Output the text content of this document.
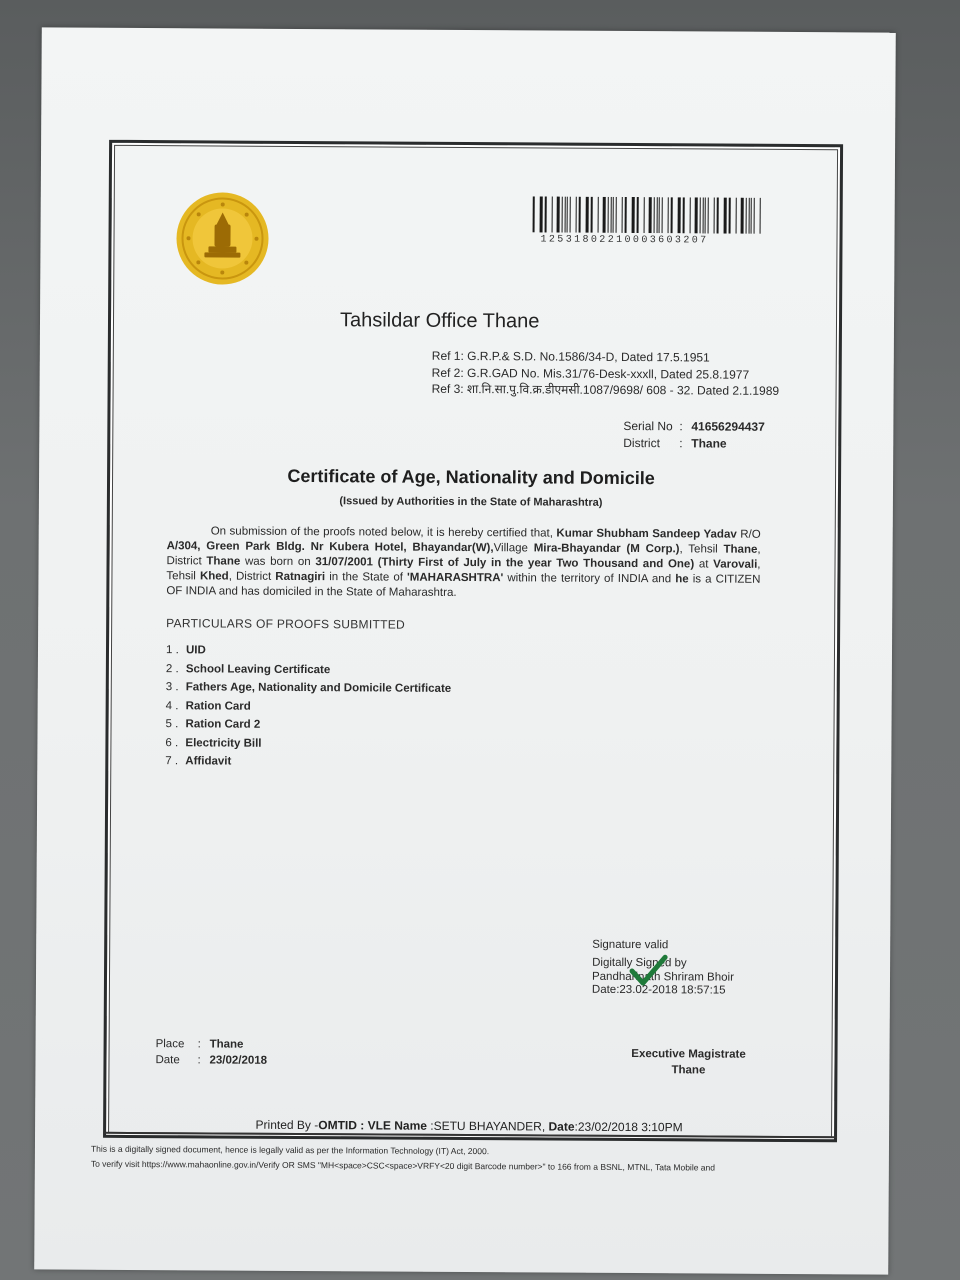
12531802210003603207
Tahsildar Office Thane
Ref 1: G.R.P.& S.D. No.1586/34-D, Dated 17.5.1951
Ref 2: G.R.GAD No. Mis.31/76-Desk-xxxll, Dated 25.8.1977
Ref 3: शा.नि.सा.पु.वि.क्र.डीएमसी.1087/9698/ 608 - 32. Dated 2.1.1989
Serial No : 41656294437
District : Thane
Certificate of Age, Nationality and Domicile
(Issued by Authorities in the State of Maharashtra)
On submission of the proofs noted below, it is hereby certified that, Kumar Shubham Sandeep Yadav R/O A/304, Green Park Bldg. Nr Kubera Hotel, Bhayandar(W),Village Mira-Bhayandar (M Corp.), Tehsil Thane, District Thane was born on 31/07/2001 (Thirty First of July in the year Two Thousand and One) at Varovali, Tehsil Khed, District Ratnagiri in the State of 'MAHARASHTRA' within the territory of INDIA and he is a CITIZEN OF INDIA and has domiciled in the State of Maharashtra.
PARTICULARS OF PROOFS SUBMITTED
1 . UID
2 . School Leaving Certificate
3 . Fathers Age, Nationality and Domicile Certificate
4 . Ration Card
5 . Ration Card 2
6 . Electricity Bill
7 . Affidavit
Signature valid
Digitally Signed by
Pandharinath Shriram Bhoir
Date:23.02-2018 18:57:15
Place : Thane
Date : 23/02/2018	Executive Magistrate
Thane
Printed By -OMTID : VLE Name :SETU BHAYANDER, Date:23/02/2018 3:10PM
This is a digitally signed document, hence is legally valid as per the Information Technology (IT) Act, 2000.
To verify visit https://www.mahaonline.gov.in/Verify OR SMS "MH<space>CSC<space>VRFY<20 digit Barcode number>" to 166 from a BSNL, MTNL, Tata Mobile and
